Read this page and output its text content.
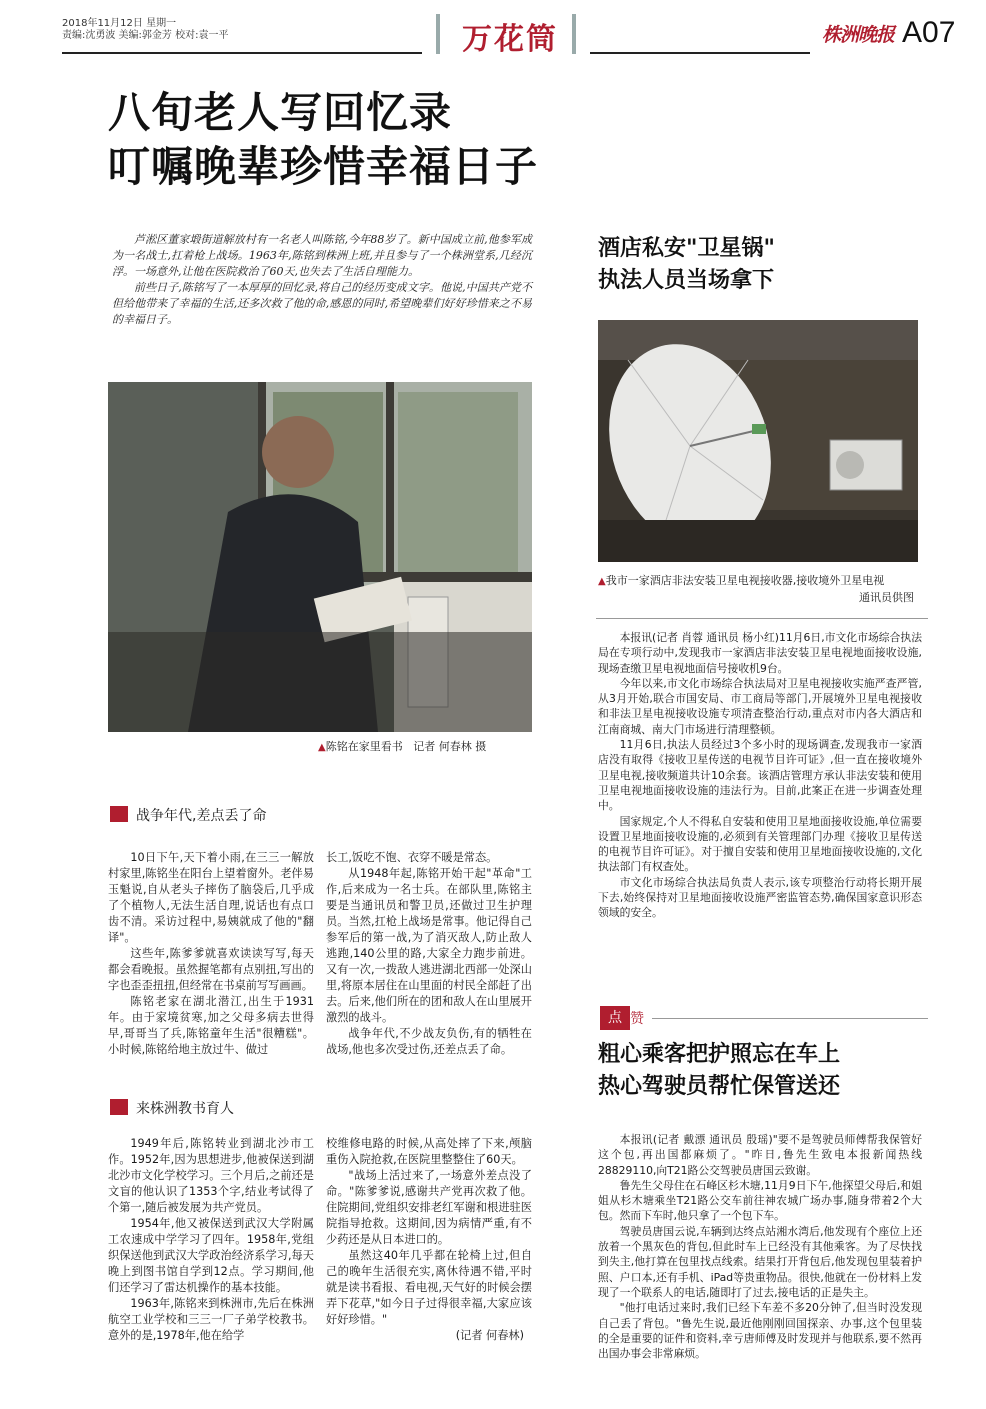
2018年11月12日 星期一
责编:沈勇波 美编:郭金芳 校对:袁一平	万花筒	株洲晚报 A07
八旬老人写回忆录
叮嘱晚辈珍惜幸福日子

芦淞区董家塅街道解放村有一名老人叫陈铭,今年88岁了。新中国成立前,他参军成为一名战士,扛着枪上战场。1963年,陈铭到株洲上班,并且参与了一个株洲堂系,几经沉浮。一场意外,让他在医院救治了60天,也失去了生活自理能力。

前些日子,陈铭写了一本厚厚的回忆录,将自己的经历变成文字。他说,中国共产党不但给他带来了幸福的生活,还多次救了他的命,感恩的同时,希望晚辈们好好珍惜来之不易的幸福日子。

▲陈铭在家里看书 记者 何春林 摄
战争年代,差点丢了命

10日下午,天下着小雨,在三三一解放村家里,陈铭坐在阳台上望着窗外。老伴易玉魁说,自从老头子摔伤了脑袋后,几乎成了个植物人,无法生活自理,说话也有点口齿不清。采访过程中,易姨就成了他的"翻译"。

这些年,陈爹爹就喜欢读读写写,每天都会看晚报。虽然握笔都有点别扭,写出的字也歪歪扭扭,但经常在书桌前写写画画。

陈铭老家在湖北潜江,出生于1931年。由于家境贫寒,加之父母多病去世得早,哥哥当了兵,陈铭童年生活"很糟糕"。小时候,陈铭给地主放过牛、做过

长工,饭吃不饱、衣穿不暖是常态。

从1948年起,陈铭开始干起"革命"工作,后来成为一名士兵。在部队里,陈铭主要是当通讯员和警卫员,还做过卫生护理员。当然,扛枪上战场是常事。他记得自己参军后的第一战,为了消灭敌人,防止敌人逃跑,140公里的路,大家全力跑步前进。又有一次,一拨敌人逃进湖北西部一处深山里,将原本居住在山里面的村民全部赶了出去。后来,他们所在的团和敌人在山里展开激烈的战斗。

战争年代,不少战友负伤,有的牺牲在战场,他也多次受过伤,还差点丢了命。

来株洲教书育人

1949年后,陈铭转业到湖北沙市工作。1952年,因为思想进步,他被保送到湖北沙市文化学校学习。三个月后,之前还是文盲的他认识了1353个字,结业考试得了个第一,随后被发展为共产党员。

1954年,他又被保送到武汉大学附属工农速成中学学习了四年。1958年,党组织保送他到武汉大学政治经济系学习,每天晚上到图书馆自学到12点。学习期间,他们还学习了雷达机操作的基本技能。

1963年,陈铭来到株洲市,先后在株洲航空工业学校和三三一厂子弟学校教书。意外的是,1978年,他在给学

校维修电路的时候,从高处摔了下来,颅脑重伤入院抢救,在医院里整整住了60天。

"战场上活过来了,一场意外差点没了命。"陈爹爹说,感谢共产党再次救了他。住院期间,党组织安排老红军谢和根进驻医院指导抢救。这期间,因为病情严重,有不少药还是从日本进口的。

虽然这40年几乎都在轮椅上过,但自己的晚年生活很充实,离休待遇不错,平时就是读书看报、看电视,天气好的时候会摆弄下花草,"如今日子过得很幸福,大家应该好好珍惜。"

(记者 何春林)
酒店私安"卫星锅"
执法人员当场拿下
▲我市一家酒店非法安装卫星电视接收器,接收境外卫星电视
通讯员供图

本报讯(记者 肖蓉 通讯员 杨小红)11月6日,市文化市场综合执法局在专项行动中,发现我市一家酒店非法安装卫星电视地面接收设施,现场查缴卫星电视地面信号接收机9台。

今年以来,市文化市场综合执法局对卫星电视接收实施严查严管,从3月开始,联合市国安局、市工商局等部门,开展境外卫星电视接收和非法卫星电视接收设施专项清查整治行动,重点对市内各大酒店和江南商城、南大门市场进行清理整顿。

11月6日,执法人员经过3个多小时的现场调查,发现我市一家酒店没有取得《接收卫星传送的电视节目许可证》,但一直在接收境外卫星电视,接收频道共计10余套。该酒店管理方承认非法安装和使用卫星电视地面接收设施的违法行为。目前,此案正在进一步调查处理中。

国家规定,个人不得私自安装和使用卫星地面接收设施,单位需要设置卫星地面接收设施的,必须到有关管理部门办理《接收卫星传送的电视节目许可证》。对于擅自安装和使用卫星地面接收设施的,文化执法部门有权查处。

市文化市场综合执法局负责人表示,该专项整治行动将长期开展下去,始终保持对卫星地面接收设施严密监管态势,确保国家意识形态领域的安全。

点 赞
粗心乘客把护照忘在车上
热心驾驶员帮忙保管送还

本报讯(记者 戴漂 通讯员 殷瑶)"要不是驾驶员师傅帮我保管好这个包,再出国都麻烦了。"昨日,鲁先生致电本报新闻热线28829110,向T21路公交驾驶员唐国云致谢。

鲁先生父母住在石峰区杉木塘,11月9日下午,他探望父母后,和姐姐从杉木塘乘坐T21路公交车前往神农城广场办事,随身带着2个大包。然而下车时,他只拿了一个包下车。

驾驶员唐国云说,车辆到达终点站湘水湾后,他发现有个座位上还放着一个黑灰色的背包,但此时车上已经没有其他乘客。为了尽快找到失主,他打算在包里找点线索。结果打开背包后,他发现包里装着护照、户口本,还有手机、iPad等贵重物品。很快,他就在一份材料上发现了一个联系人的电话,随即打了过去,接电话的正是失主。

"他打电话过来时,我们已经下车差不多20分钟了,但当时没发现自己丢了背包。"鲁先生说,最近他刚刚回国探亲、办事,这个包里装的全是重要的证件和资料,幸亏唐师傅及时发现并与他联系,要不然再出国办事会非常麻烦。
